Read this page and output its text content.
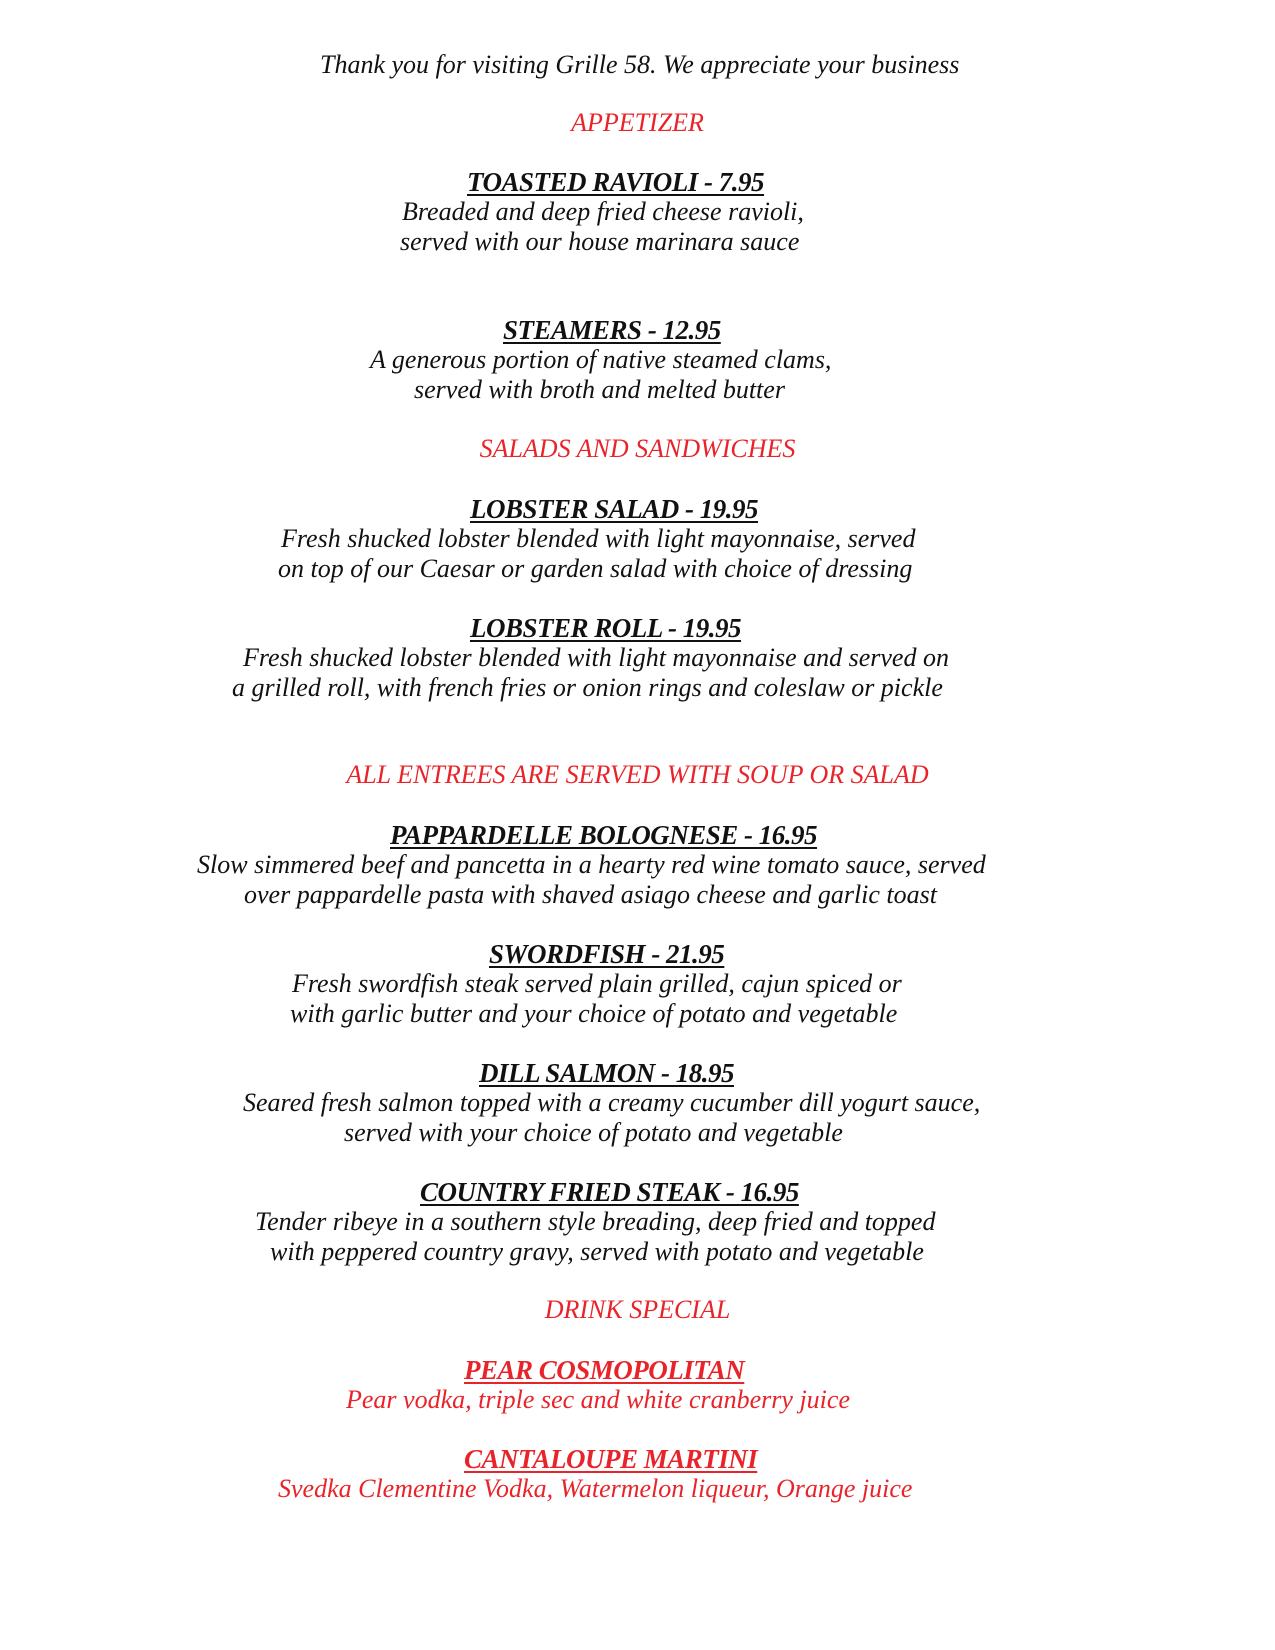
Thank you for visiting Grille 58. We appreciate your business
APPETIZER
TOASTED RAVIOLI - 7.95
Breaded and deep fried cheese ravioli,
served with our house marinara sauce
STEAMERS - 12.95
A generous portion of native steamed clams,
served with broth and melted butter
SALADS AND SANDWICHES
LOBSTER SALAD - 19.95
Fresh shucked lobster blended with light mayonnaise, served
on top of our Caesar or garden salad with choice of dressing
LOBSTER ROLL - 19.95
Fresh shucked lobster blended with light mayonnaise and served on
a grilled roll, with french fries or onion rings and coleslaw or pickle
ALL ENTREES ARE SERVED WITH SOUP OR SALAD
PAPPARDELLE BOLOGNESE - 16.95
Slow simmered beef and pancetta in a hearty red wine tomato sauce, served
over pappardelle pasta with shaved asiago cheese and garlic toast
SWORDFISH - 21.95
Fresh swordfish steak served plain grilled, cajun spiced or
with garlic butter and your choice of potato and vegetable
DILL SALMON - 18.95
Seared fresh salmon topped with a creamy cucumber dill yogurt sauce,
served with your choice of potato and vegetable
COUNTRY FRIED STEAK - 16.95
Tender ribeye in a southern style breading, deep fried and topped
with peppered country gravy, served with potato and vegetable
DRINK SPECIAL
PEAR COSMOPOLITAN
Pear vodka, triple sec and white cranberry juice
CANTALOUPE MARTINI
Svedka Clementine Vodka, Watermelon liqueur, Orange juice
